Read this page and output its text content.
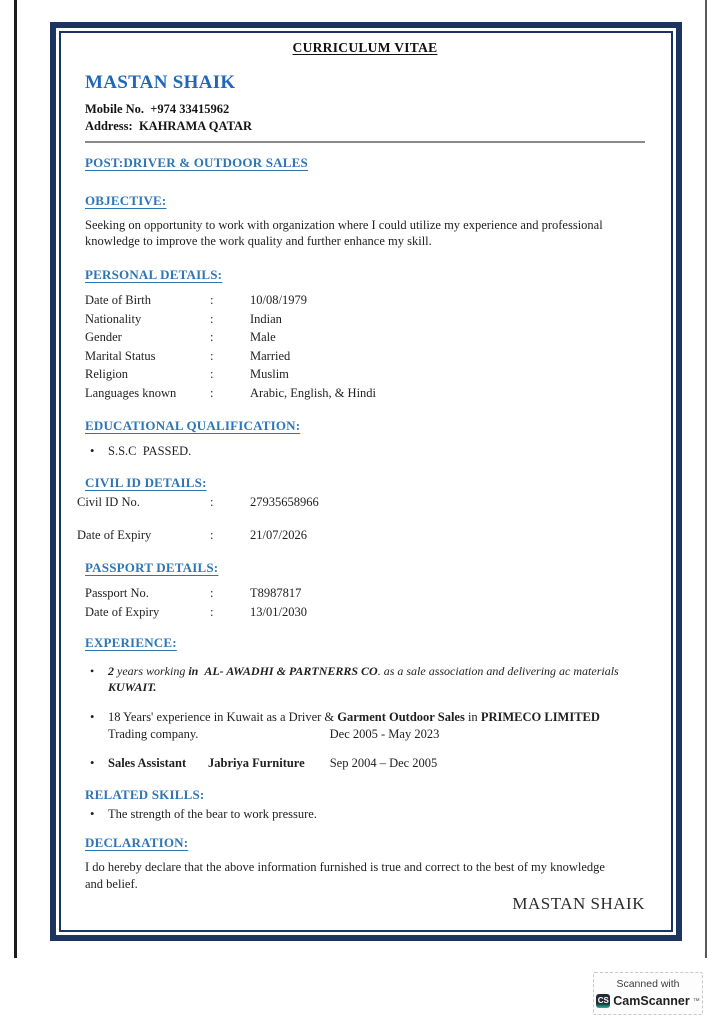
CURRICULUM VITAE
MASTAN SHAIK
Mobile No. +974 33415962
Address: KAHRAMA QATAR
POST:DRIVER & OUTDOOR SALES
OBJECTIVE:
Seeking on opportunity to work with organization where I could utilize my experience and professional knowledge to improve the work quality and further enhance my skill.
PERSONAL DETAILS:
Date of Birth	:	10/08/1979
Nationality	:	Indian
Gender	:	Male
Marital Status	:	Married
Religion	:	Muslim
Languages known	:	Arabic, English, & Hindi
EDUCATIONAL QUALIFICATION:
•	S.S.C  PASSED.
CIVIL ID DETAILS:
Civil ID No.	:	27935658966
Date of Expiry	:	21/07/2026
PASSPORT DETAILS:
Passport No.	:	T8987817
Date of Expiry	:	13/01/2030
EXPERIENCE:
•	2 years working in AL- AWADHI & PARTNERRS CO. as a sale association and delivering ac materials
KUWAIT.
•	18 Years' experience in Kuwait as a Driver & Garment Outdoor Sales in PRIMECO LIMITED
Trading company.                                          Dec 2005 - May 2023
•	Sales Assistant Jabriya Furniture Sep 2004 – Dec 2005
RELATED SKILLS:
•	The strength of the bear to work pressure.
DECLARATION:
I do hereby declare that the above information furnished is true and correct to the best of my knowledge and belief.
MASTAN SHAIK
Scanned with
CS CamScanner ™
